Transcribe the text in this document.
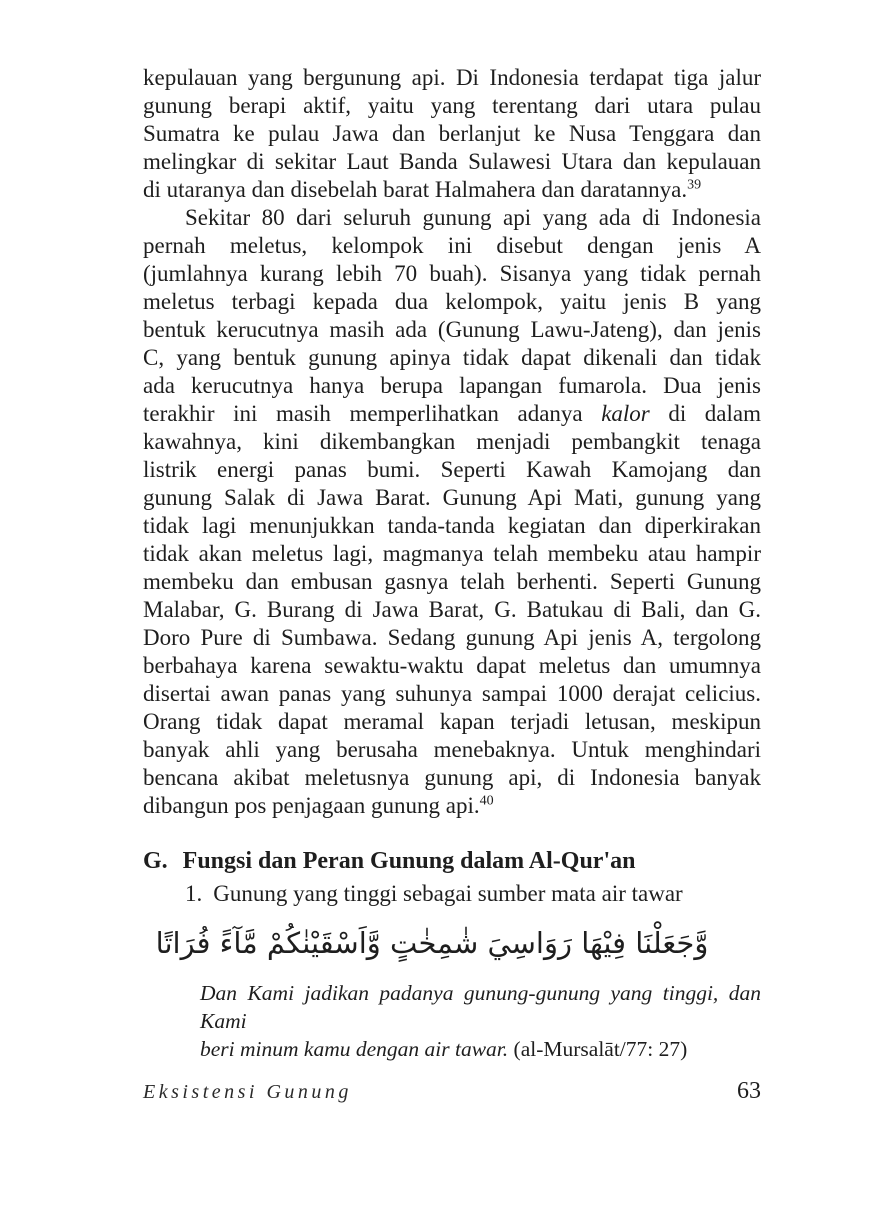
kepulauan yang bergunung api. Di Indonesia terdapat tiga jalur
gunung berapi aktif, yaitu yang terentang dari utara pulau
Sumatra ke pulau Jawa dan berlanjut ke Nusa Tenggara dan
melingkar di sekitar Laut Banda Sulawesi Utara dan kepulauan
di utaranya dan disebelah barat Halmahera dan daratannya.$^{39}$
Sekitar 80 dari seluruh gunung api yang ada di Indonesia
pernah meletus, kelompok ini disebut dengan jenis A
(jumlahnya kurang lebih 70 buah). Sisanya yang tidak pernah
meletus terbagi kepada dua kelompok, yaitu jenis B yang
bentuk kerucutnya masih ada (Gunung Lawu-Jateng), dan jenis
C, yang bentuk gunung apinya tidak dapat dikenali dan tidak
ada kerucutnya hanya berupa lapangan fumarola. Dua jenis
terakhir ini masih memperlihatkan adanya kalor di dalam
kawahnya, kini dikembangkan menjadi pembangkit tenaga
listrik energi panas bumi. Seperti Kawah Kamojang dan
gunung Salak di Jawa Barat. Gunung Api Mati, gunung yang
tidak lagi menunjukkan tanda-tanda kegiatan dan diperkirakan
tidak akan meletus lagi, magmanya telah membeku atau hampir
membeku dan embusan gasnya telah berhenti. Seperti Gunung
Malabar, G. Burang di Jawa Barat, G. Batukau di Bali, dan G.
Doro Pure di Sumbawa. Sedang gunung Api jenis A, tergolong
berbahaya karena sewaktu-waktu dapat meletus dan umumnya
disertai awan panas yang suhunya sampai 1000 derajat celicius.
Orang tidak dapat meramal kapan terjadi letusan, meskipun
banyak ahli yang berusaha menebaknya. Untuk menghindari
bencana akibat meletusnya gunung api, di Indonesia banyak
dibangun pos penjagaan gunung api.$^{40}$
G. Fungsi dan Peran Gunung dalam Al-Qur'an
1. Gunung yang tinggi sebagai sumber mata air tawar
وَّجَعَلْنَا فِيْهَا رَوَاسِيَ شٰمِخٰتٍ وَّاَسْقَيْنٰكُمْ مَّآءً فُرَاتًا
Dan Kami jadikan padanya gunung-gunung yang tinggi, dan Kami
beri minum kamu dengan air tawar. (al-Mursalāt/77: 27)
Eksistensi Gunung	63
